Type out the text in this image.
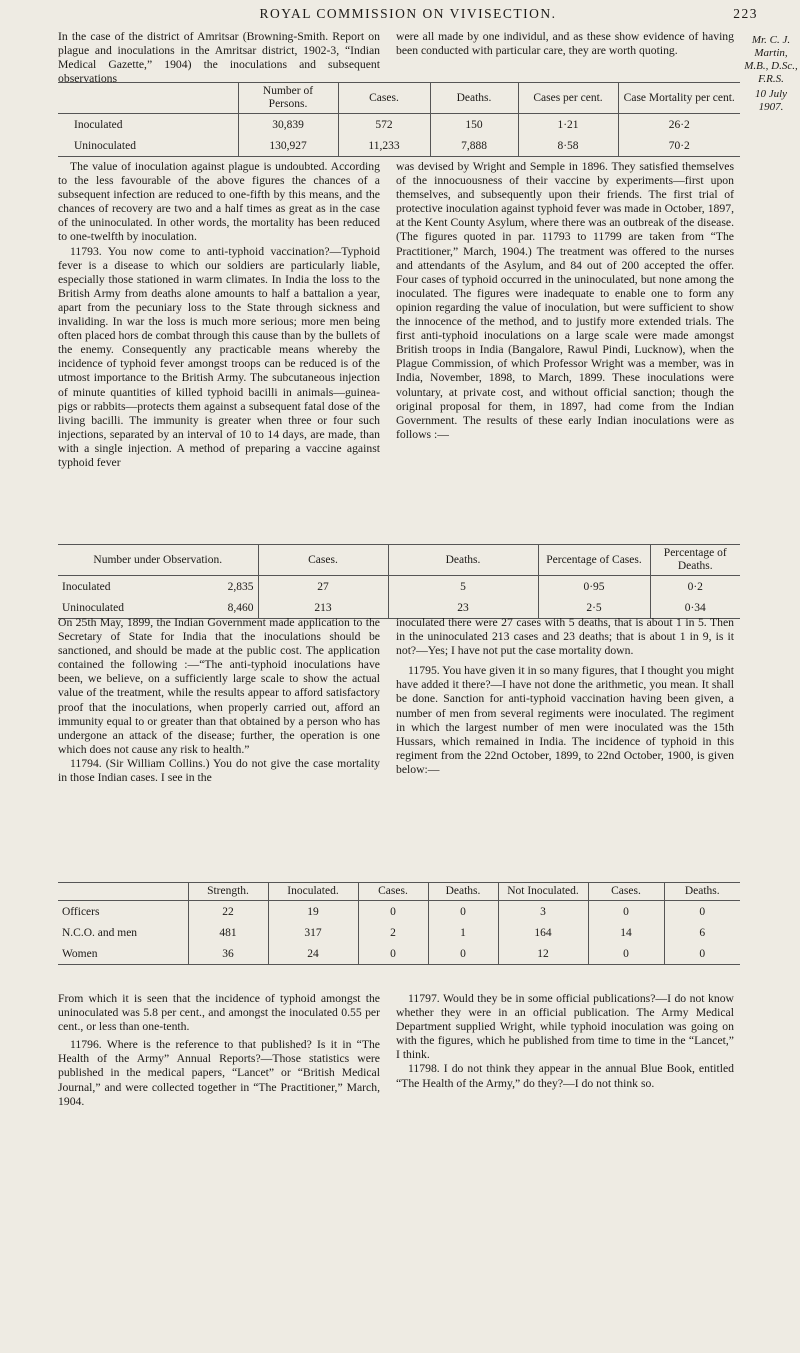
ROYAL COMMISSION ON VIVISECTION.	223
Mr. C. J.
Martin,
M.B., D.Sc.,
F.R.S.
10 July 1907.

In the case of the district of Amritsar (Browning-Smith. Report on plague and inoculations in the Amritsar district, 1902-3, “Indian Medical Gazette,” 1904) the inoculations and subsequent observations

were all made by one individul, and as these show evidence of having been conducted with particular care, they are worth quoting.

	Number of Persons.	Cases.	Deaths.	Cases per cent.	Case Mortality per cent.
Inoculated	30,839	572	150	1·21	26·2
Uninoculated	130,927	11,233	7,888	8·58	70·2

The value of inoculation against plague is undoubted. According to the less favourable of the above figures the chances of a subsequent infection are reduced to one-fifth by this means, and the chances of recovery are two and a half times as great as in the case of the uninoculated. In other words, the mortality has been reduced to one-twelfth by inoculation.

11793. You now come to anti-typhoid vaccination?—Typhoid fever is a disease to which our soldiers are particularly liable, especially those stationed in warm climates. In India the loss to the British Army from deaths alone amounts to half a battalion a year, apart from the pecuniary loss to the State through sickness and invaliding. In war the loss is much more serious; more men being often placed hors de combat through this cause than by the bullets of the enemy. Consequently any practicable means whereby the incidence of typhoid fever amongst troops can be reduced is of the utmost importance to the British Army. The subcutaneous injection of minute quantities of killed typhoid bacilli in animals—guinea-pigs or rabbits—protects them against a subsequent fatal dose of the living bacilli. The immunity is greater when three or four such injections, separated by an interval of 10 to 14 days, are made, than with a single injection. A method of preparing a vaccine against typhoid fever

was devised by Wright and Semple in 1896. They satisfied themselves of the innocuousness of their vaccine by experiments—first upon themselves, and subsequently upon their friends. The first trial of protective inoculation against typhoid fever was made in October, 1897, at the Kent County Asylum, where there was an outbreak of the disease. (The figures quoted in par. 11793 to 11799 are taken from “The Practitioner,” March, 1904.) The treatment was offered to the nurses and attendants of the Asylum, and 84 out of 200 accepted the offer. Four cases of typhoid occurred in the uninoculated, but none among the inoculated. The figures were inadequate to enable one to form any opinion regarding the value of inoculation, but were sufficient to show the innocence of the method, and to justify more extended trials. The first anti-typhoid inoculations on a large scale were made amongst British troops in India (Bangalore, Rawul Pindi, Lucknow), when the Plague Commission, of which Professor Wright was a member, was in India, November, 1898, to March, 1899. These inoculations were voluntary, at private cost, and without official sanction; though the original proposal for them, in 1897, had come from the Indian Government. The results of these early Indian inoculations were as follows :—

Number under Observation.		Cases.	Deaths.	Percentage of Cases.	Percentage of Deaths.
Inoculated	2,835	27	5	0·95	0·2
Uninoculated	8,460	213	23	2·5	0·34

On 25th May, 1899, the Indian Government made application to the Secretary of State for India that the inoculations should be sanctioned, and should be made at the public cost. The application contained the following :—“The anti-typhoid inoculations have been, we believe, on a sufficiently large scale to show the actual value of the treatment, while the results appear to afford satisfactory proof that the inoculations, when properly carried out, afford an immunity equal to or greater than that obtained by a person who has undergone an attack of the disease; further, the operation is one which does not cause any risk to health.”

11794. (Sir William Collins.) You do not give the case mortality in those Indian cases. I see in the

inoculated there were 27 cases with 5 deaths, that is about 1 in 5. Then in the uninoculated 213 cases and 23 deaths; that is about 1 in 9, is it not?—Yes; I have not put the case mortality down.

11795. You have given it in so many figures, that I thought you might have added it there?—I have not done the arithmetic, you mean. It shall be done. Sanction for anti-typhoid vaccination having been given, a number of men from several regiments were inoculated. The regiment in which the largest number of men were inoculated was the 15th Hussars, which remained in India. The incidence of typhoid in this regiment from the 22nd October, 1899, to 22nd October, 1900, is given below:—

	Strength.	Inoculated.	Cases.	Deaths.	Not Inoculated.	Cases.	Deaths.
Officers	22	19	0	0	3	0	0
N.C.O. and men	481	317	2	1	164	14	6
Women	36	24	0	0	12	0	0

From which it is seen that the incidence of typhoid amongst the uninoculated was 5.8 per cent., and amongst the inoculated 0.55 per cent., or less than one-tenth.

11796. Where is the reference to that published? Is it in “The Health of the Army” Annual Reports?—Those statistics were published in the medical papers, “Lancet” or “British Medical Journal,” and were collected together in “The Practitioner,” March, 1904.

11797. Would they be in some official publications?—I do not know whether they were in an official publication. The Army Medical Department supplied Wright, while typhoid inoculation was going on with the figures, which he published from time to time in the “Lancet,” I think.

11798. I do not think they appear in the annual Blue Book, entitled “The Health of the Army,” do they?—I do not think so.
